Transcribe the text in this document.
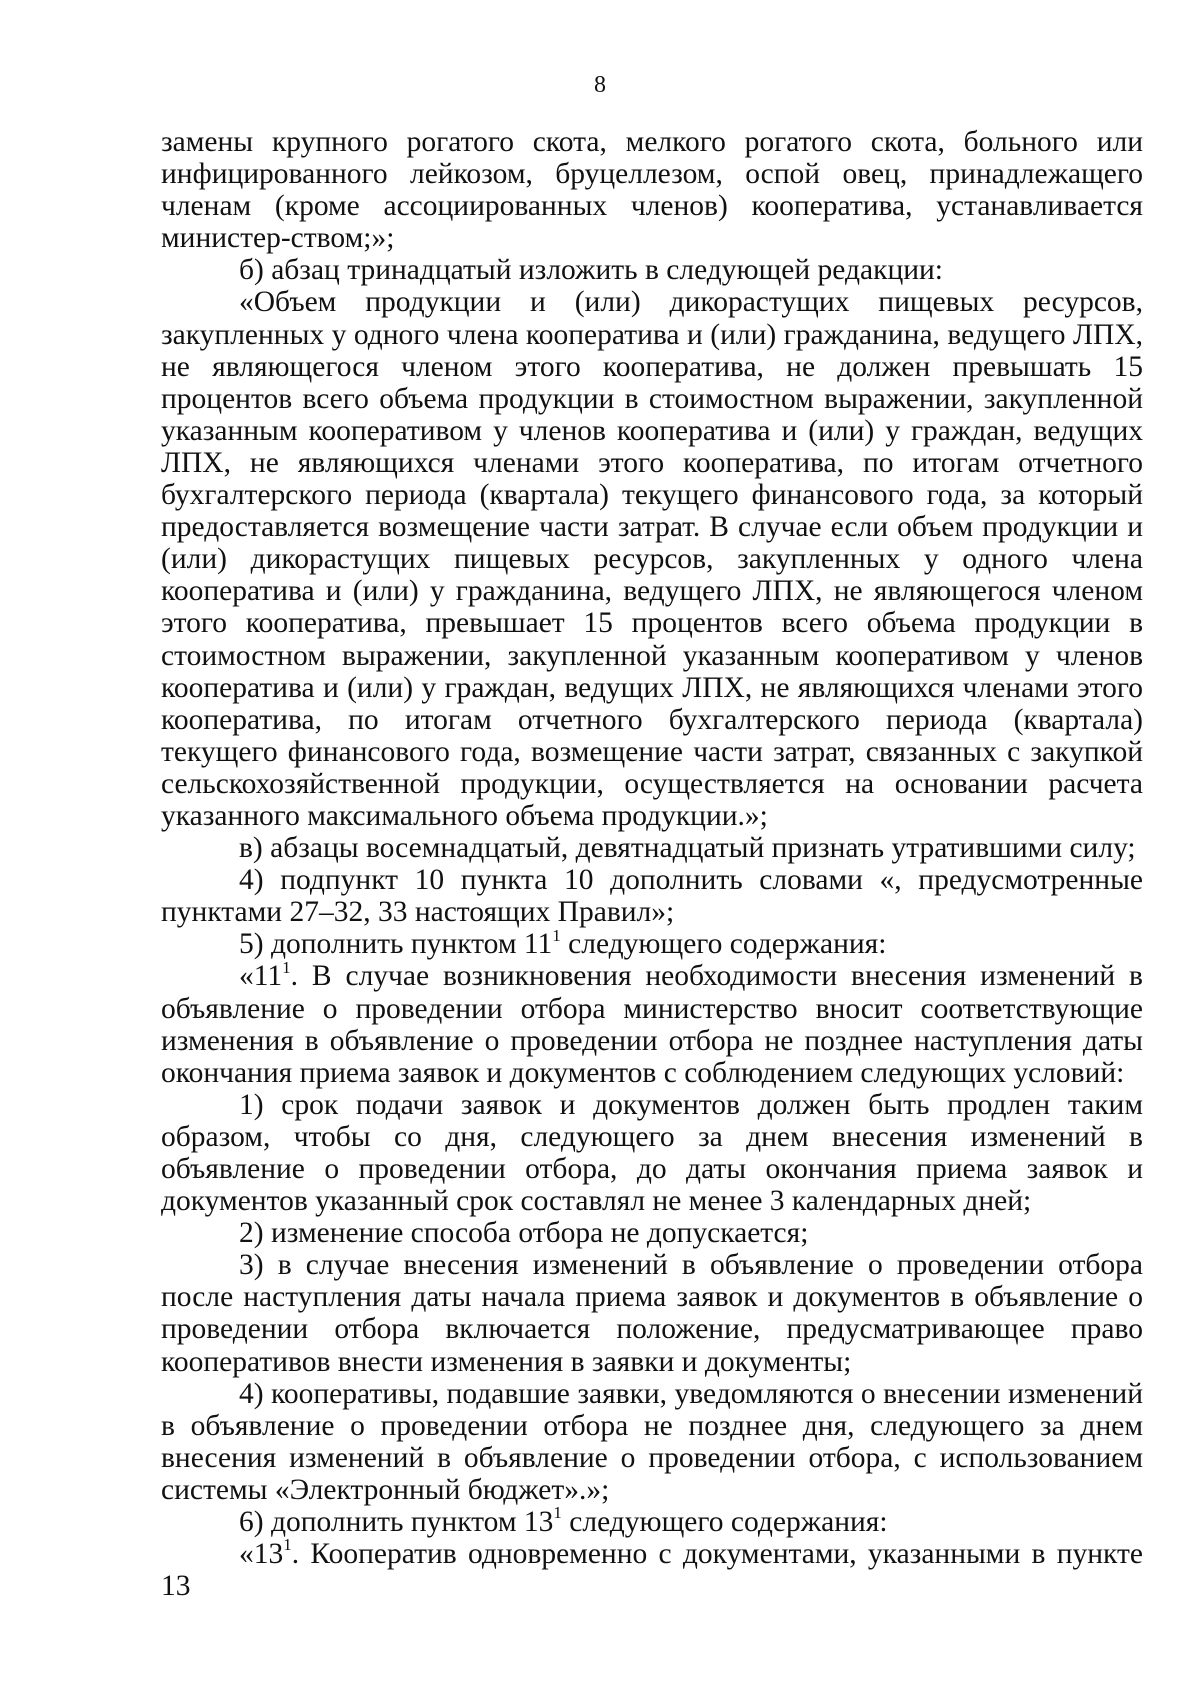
8

замены крупного рогатого скота, мелкого рогатого скота, больного или инфицированного лейкозом, бруцеллезом, оспой овец, принадлежащего членам (кроме ассоциированных членов) кооператива, устанавливается министер-ством;»;

б) абзац тринадцатый изложить в следующей редакции:

«Объем продукции и (или) дикорастущих пищевых ресурсов, закупленных у одного члена кооператива и (или) гражданина, ведущего ЛПХ, не являющегося членом этого кооператива, не должен превышать 15 процентов всего объема продукции в стоимостном выражении, закупленной указанным кооперативом у членов кооператива и (или) у граждан, ведущих ЛПХ, не являющихся членами этого кооператива, по итогам отчетного бухгалтерского периода (квартала) текущего финансового года, за который предоставляется возмещение части затрат. В случае если объем продукции и (или) дикорастущих пищевых ресурсов, закупленных у одного члена кооператива и (или) у гражданина, ведущего ЛПХ, не являющегося членом этого кооператива, превышает 15 процентов всего объема продукции в стоимостном выражении, закупленной указанным кооперативом у членов кооператива и (или) у граждан, ведущих ЛПХ, не являющихся членами этого кооператива, по итогам отчетного бухгалтерского периода (квартала) текущего финансового года, возмещение части затрат, связанных с закупкой сельскохозяйственной продукции, осуществляется на основании расчета указанного максимального объема продукции.»;

в) абзацы восемнадцатый, девятнадцатый признать утратившими силу;

4) подпункт 10 пункта 10 дополнить словами «, предусмотренные пунктами 27–32, 33 настоящих Правил»;

5) дополнить пунктом $11^1$ следующего содержания:

«$11^1$. В случае возникновения необходимости внесения изменений в объявление о проведении отбора министерство вносит соответствующие изменения в объявление о проведении отбора не позднее наступления даты окончания приема заявок и документов с соблюдением следующих условий:

1) срок подачи заявок и документов должен быть продлен таким образом, чтобы со дня, следующего за днем внесения изменений в объявление о проведении отбора, до даты окончания приема заявок и документов указанный срок составлял не менее 3 календарных дней;

2) изменение способа отбора не допускается;

3) в случае внесения изменений в объявление о проведении отбора после наступления даты начала приема заявок и документов в объявление о проведении отбора включается положение, предусматривающее право кооперативов внести изменения в заявки и документы;

4) кооперативы, подавшие заявки, уведомляются о внесении изменений в объявление о проведении отбора не позднее дня, следующего за днем внесения изменений в объявление о проведении отбора, с использованием системы «Электронный бюджет».»;

6) дополнить пунктом $13^1$ следующего содержания:

«$13^1$. Кооператив одновременно с документами, указанными в пункте 13
